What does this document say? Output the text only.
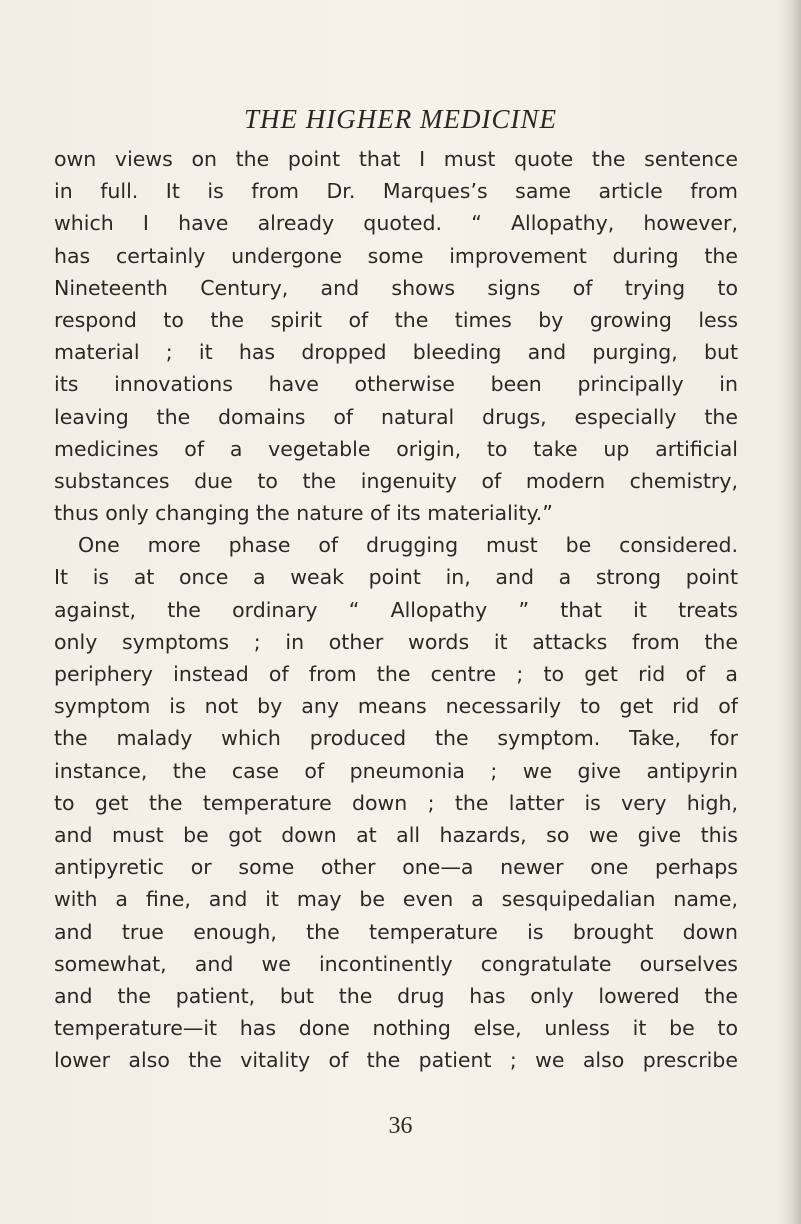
THE HIGHER MEDICINE
own views on the point that I must quote the sentence
in full. It is from Dr. Marques’s same article from
which I have already quoted. “ Allopathy, however,
has certainly undergone some improvement during the
Nineteenth Century, and shows signs of trying to
respond to the spirit of the times by growing less
material ; it has dropped bleeding and purging, but
its innovations have otherwise been principally in
leaving the domains of natural drugs, especially the
medicines of a vegetable origin, to take up artificial
substances due to the ingenuity of modern chemistry,
thus only changing the nature of its materiality.”
One more phase of drugging must be considered.
It is at once a weak point in, and a strong point
against, the ordinary “ Allopathy ” that it treats
only symptoms ; in other words it attacks from the
periphery instead of from the centre ; to get rid of a
symptom is not by any means necessarily to get rid of
the malady which produced the symptom. Take, for
instance, the case of pneumonia ; we give antipyrin
to get the temperature down ; the latter is very high,
and must be got down at all hazards, so we give this
antipyretic or some other one—a newer one perhaps
with a fine, and it may be even a sesquipedalian name,
and true enough, the temperature is brought down
somewhat, and we incontinently congratulate ourselves
and the patient, but the drug has only lowered the
temperature—it has done nothing else, unless it be to
lower also the vitality of the patient ; we also prescribe
36
